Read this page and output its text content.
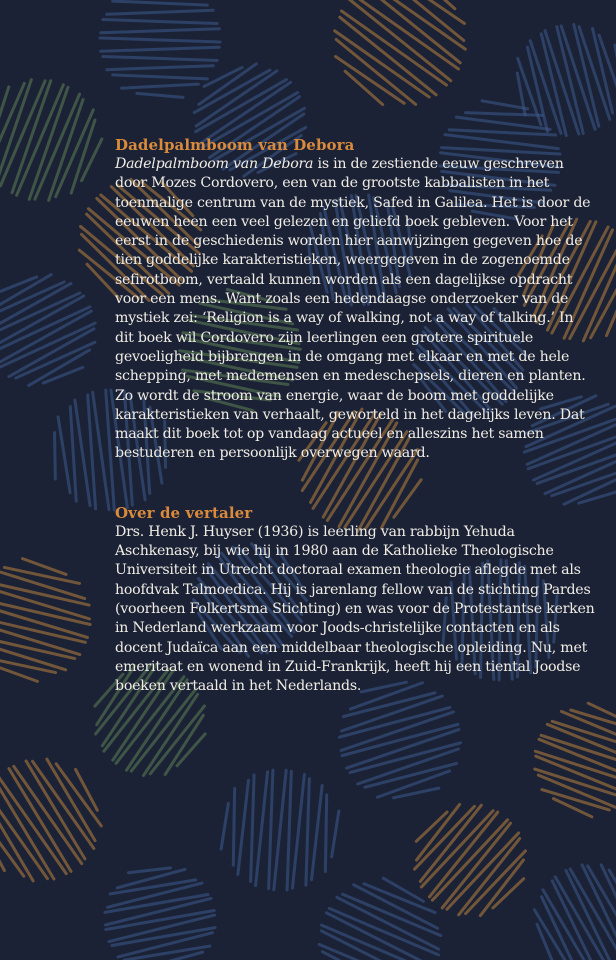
Dadelpalmboom van Debora

Dadelpalmboom van Debora is in de zestiende eeuw geschreven door Mozes Cordovero, een van de grootste kabbalisten in het toenmalige centrum van de mystiek, Safed in Galilea. Het is door de eeuwen heen een veel gelezen en geliefd boek gebleven. Voor het eerst in de geschiedenis worden hier aanwijzingen gegeven hoe de tien goddelijke karakteristieken, weergegeven in de zogenoemde sefirotboom, vertaald kunnen worden als een dagelijkse opdracht voor een mens. Want zoals een hedendaagse onderzoeker van de mystiek zei: ‘Religion is a way of walking, not a way of talking.’ In dit boek wil Cordovero zijn leerlingen een grotere spirituele gevoeligheid bijbrengen in de omgang met elkaar en met de hele schepping, met medemensen en medeschepsels, dieren en planten. Zo wordt de stroom van energie, waar de boom met goddelijke karakteristieken van verhaalt, geworteld in het dagelijks leven. Dat maakt dit boek tot op vandaag actueel en alleszins het samen bestuderen en persoonlijk overwegen waard.

Over de vertaler

Drs. Henk J. Huyser (1936) is leerling van rabbijn Yehuda Aschkenasy, bij wie hij in 1980 aan de Katholieke Theologische Universiteit in Utrecht doctoraal examen theologie aflegde met als hoofdvak Talmoedica. Hij is jarenlang fellow van de stichting Pardes (voorheen Folkertsma Stichting) en was voor de Protestantse kerken in Nederland werkzaam voor Joods-christelijke contacten en als docent Judaïca aan een middelbaar theologische opleiding. Nu, met emeritaat en wonend in Zuid-Frankrijk, heeft hij een tiental Joodse boeken vertaald in het Nederlands.
